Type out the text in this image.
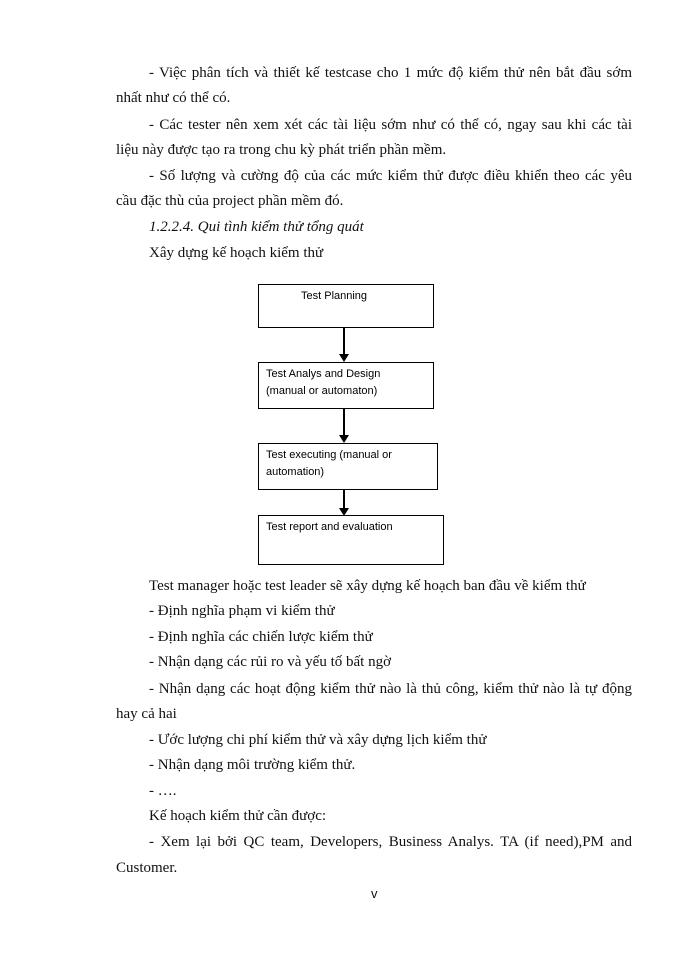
- Việc phân tích và thiết kế testcase cho 1 mức độ kiểm thử nên bắt đầu sớm
nhất như có thể có.
- Các tester nên xem xét các tài liệu sớm như có thể có, ngay sau khi các tài
liệu này được tạo ra trong chu kỳ phát triển phần mềm.
- Số lượng và cường độ của các mức kiểm thử được điều khiển theo các yêu
cầu đặc thù của project phần mềm đó.
1.2.2.4. Qui tình kiểm thử tổng quát
Xây dựng kế hoạch kiểm thử
Test Planning
Test Analys and Design
(manual or automaton)
Test executing (manual or
automation)
Test report and evaluation
Test manager hoặc test leader sẽ xây dựng kế hoạch ban đầu về kiểm thử
- Định nghĩa phạm vi kiểm thử
- Định nghĩa các chiến lược kiểm thử
- Nhận dạng các rủi ro và yếu tố bất ngờ
- Nhận dạng các hoạt động kiểm thử nào là thủ công, kiểm thử nào là tự động
hay cả hai
- Ước lượng chi phí kiểm thử và xây dựng lịch kiểm thử
- Nhận dạng môi trường kiểm thử.
- ….
Kế hoạch kiểm thử cần được:
- Xem lại bởi QC team, Developers, Business Analys. TA (if need),PM and
Customer.
v
